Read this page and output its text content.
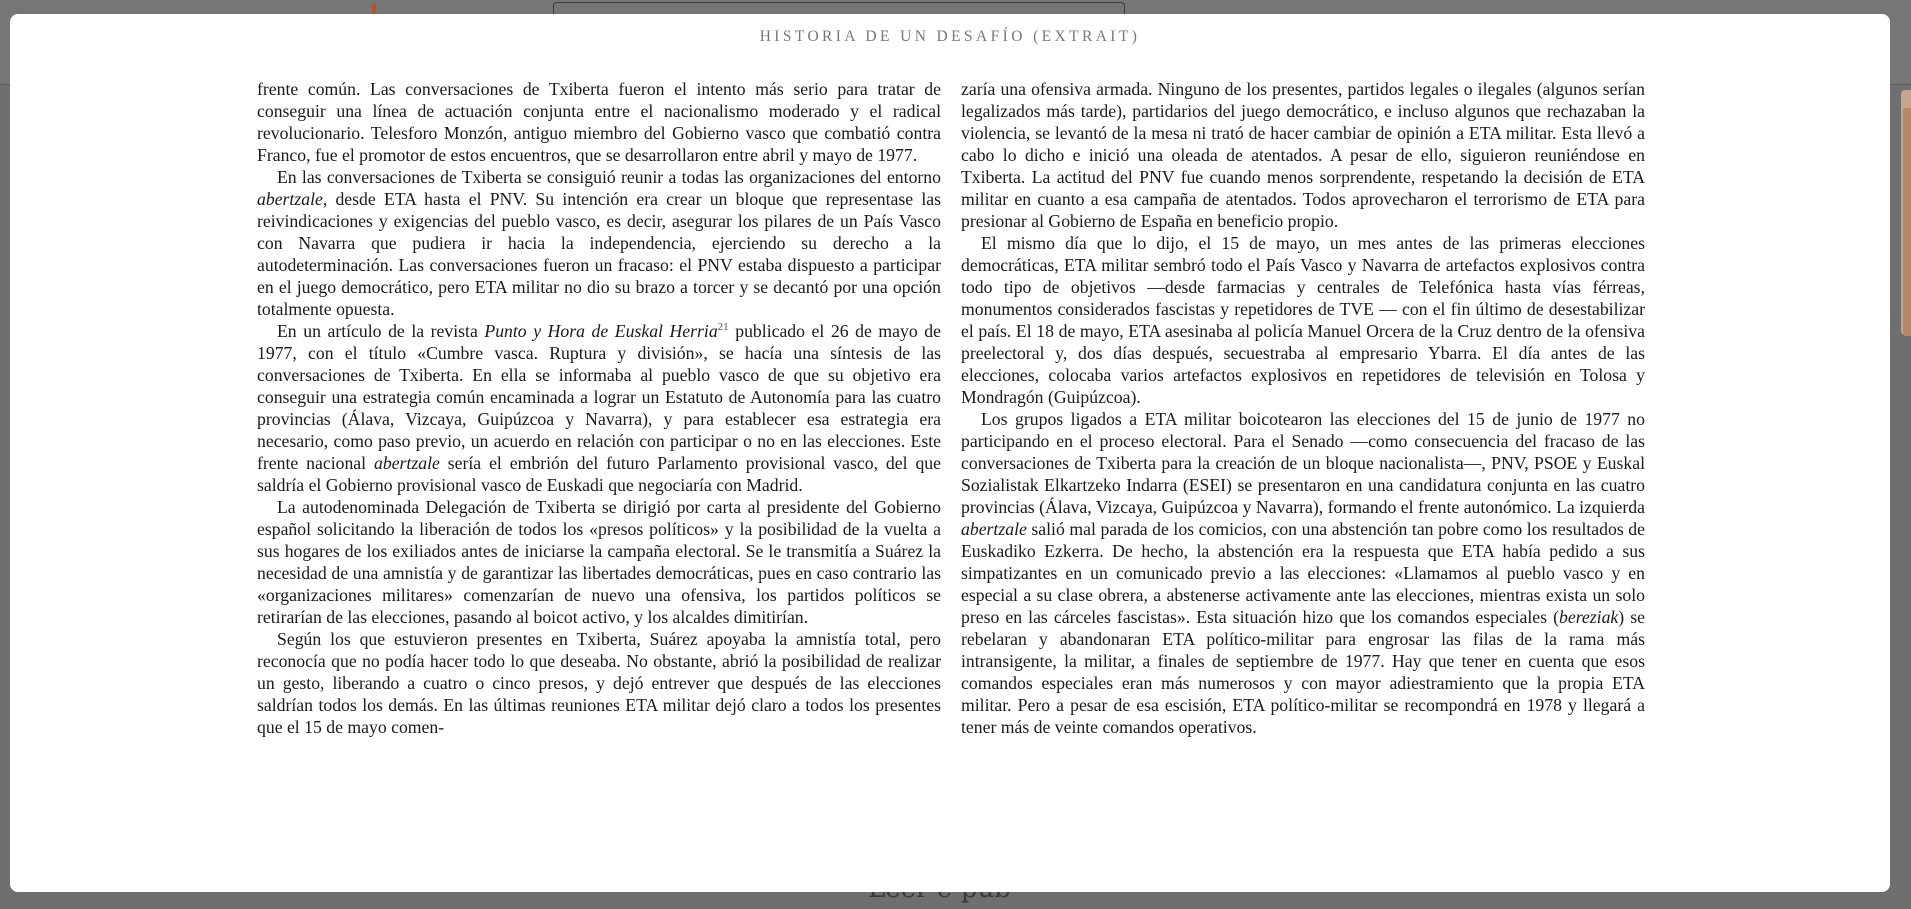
HISTORIA DE UN DESAFÍO (EXTRAIT)

frente común. Las conversaciones de Txiberta fueron el intento más serio para tratar de conseguir una línea de actuación conjunta entre el nacionalismo moderado y el radical revolucionario. Telesforo Monzón, antiguo miembro del Gobierno vasco que combatió contra Franco, fue el promotor de estos encuentros, que se desarrollaron entre abril y mayo de 1977.

En las conversaciones de Txiberta se consiguió reunir a todas las organizaciones del entorno abertzale, desde ETA hasta el PNV. Su intención era crear un bloque que representase las reivindicaciones y exigencias del pueblo vasco, es decir, asegurar los pilares de un País Vasco con Navarra que pudiera ir hacia la independencia, ejerciendo su derecho a la autodeterminación. Las conversaciones fueron un fracaso: el PNV estaba dispuesto a participar en el juego democrático, pero ETA militar no dio su brazo a torcer y se decantó por una opción totalmente opuesta.

En un artículo de la revista Punto y Hora de Euskal Herria$^{21}$ publicado el 26 de mayo de 1977, con el título «Cumbre vasca. Ruptura y división», se hacía una síntesis de las conversaciones de Txiberta. En ella se informaba al pueblo vasco de que su objetivo era conseguir una estrategia común encaminada a lograr un Estatuto de Autonomía para las cuatro provincias (Álava, Vizcaya, Guipúzcoa y Navarra), y para establecer esa estrategia era necesario, como paso previo, un acuerdo en relación con participar o no en las elecciones. Este frente nacional abertzale sería el embrión del futuro Parlamento provisional vasco, del que saldría el Gobierno provisional vasco de Euskadi que negociaría con Madrid.

La autodenominada Delegación de Txiberta se dirigió por carta al presidente del Gobierno español solicitando la liberación de todos los «presos políticos» y la posibilidad de la vuelta a sus hogares de los exiliados antes de iniciarse la campaña electoral. Se le transmitía a Suárez la necesidad de una amnistía y de garantizar las libertades democráticas, pues en caso contrario las «organizaciones militares» comenzarían de nuevo una ofensiva, los partidos políticos se retirarían de las elecciones, pasando al boicot activo, y los alcaldes dimitirían.

Según los que estuvieron presentes en Txiberta, Suárez apoyaba la amnistía total, pero reconocía que no podía hacer todo lo que deseaba. No obstante, abrió la posibilidad de realizar un gesto, liberando a cuatro o cinco presos, y dejó entrever que después de las elecciones saldrían todos los demás. En las últimas reuniones ETA militar dejó claro a todos los presentes que el 15 de mayo comen-

zaría una ofensiva armada. Ninguno de los presentes, partidos legales o ilegales (algunos serían legalizados más tarde), partidarios del juego democrático, e incluso algunos que rechazaban la violencia, se levantó de la mesa ni trató de hacer cambiar de opinión a ETA militar. Esta llevó a cabo lo dicho e inició una oleada de atentados. A pesar de ello, siguieron reuniéndose en Txiberta. La actitud del PNV fue cuando menos sorprendente, respetando la decisión de ETA militar en cuanto a esa campaña de atentados. Todos aprovecharon el terrorismo de ETA para presionar al Gobierno de España en beneficio propio.

El mismo día que lo dijo, el 15 de mayo, un mes antes de las primeras elecciones democráticas, ETA militar sembró todo el País Vasco y Navarra de artefactos explosivos contra todo tipo de objetivos —desde farmacias y centrales de Telefónica hasta vías férreas, monumentos considerados fascistas y repetidores de TVE — con el fin último de desestabilizar el país. El 18 de mayo, ETA asesinaba al policía Manuel Orcera de la Cruz dentro de la ofensiva preelectoral y, dos días después, secuestraba al empresario Ybarra. El día antes de las elecciones, colocaba varios artefactos explosivos en repetidores de televisión en Tolosa y Mondragón (Guipúzcoa).

Los grupos ligados a ETA militar boicotearon las elecciones del 15 de junio de 1977 no participando en el proceso electoral. Para el Senado —como consecuencia del fracaso de las conversaciones de Txiberta para la creación de un bloque nacionalista—, PNV, PSOE y Euskal Sozialistak Elkartzeko Indarra (ESEI) se presentaron en una candidatura conjunta en las cuatro provincias (Álava, Vizcaya, Guipúzcoa y Navarra), formando el frente autonómico. La izquierda abertzale salió mal parada de los comicios, con una abstención tan pobre como los resultados de Euskadiko Ezkerra. De hecho, la abstención era la respuesta que ETA había pedido a sus simpatizantes en un comunicado previo a las elecciones: «Llamamos al pueblo vasco y en especial a su clase obrera, a abstenerse activamente ante las elecciones, mientras exista un solo preso en las cárceles fascistas». Esta situación hizo que los comandos especiales (bereziak) se rebelaran y abandonaran ETA político-militar para engrosar las filas de la rama más intransigente, la militar, a finales de septiembre de 1977. Hay que tener en cuenta que esos comandos especiales eran más numerosos y con mayor adiestramiento que la propia ETA militar. Pero a pesar de esa escisión, ETA político-militar se recompondrá en 1978 y llegará a tener más de veinte comandos operativos.
